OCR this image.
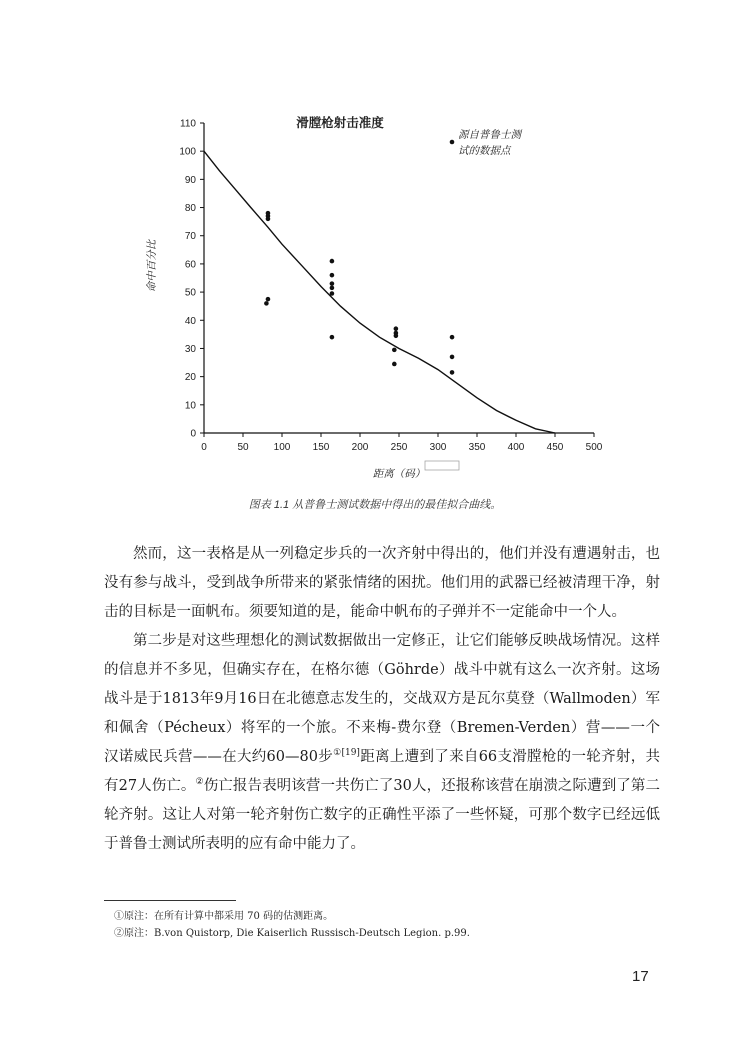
滑膛枪射击准度
源自普鲁士测
试的数据点
命中百分比
距离（码）
0	50	100 150 200 250 300 350 400 450 500
0
10
20
30
40
50
60
70
80
90
100
110
图表 1.1 从普鲁士测试数据中得出的最佳拟合曲线。

然而，这一表格是从一列稳定步兵的一次齐射中得出的，他们并没有遭遇射击，也没有参与战斗，受到战争所带来的紧张情绪的困扰。他们用的武器已经被清理干净，射击的目标是一面帆布。须要知道的是，能命中帆布的子弹并不一定能命中一个人。

第二步是对这些理想化的测试数据做出一定修正，让它们能够反映战场情况。这样的信息并不多见，但确实存在，在格尔德（Göhrde）战斗中就有这么一次齐射。这场战斗是于1813年9月16日在北德意志发生的，交战双方是瓦尔莫登（Wallmoden）军和佩舍（Pécheux）将军的一个旅。不来梅-费尔登（Bremen-Verden）营——一个汉诺威民兵营——在大约60—80步$^{①[19]}$距离上遭到了来自66支滑膛枪的一轮齐射，共有27人伤亡。②伤亡报告表明该营一共伤亡了30人，还报称该营在崩溃之际遭到了第二轮齐射。这让人对第一轮齐射伤亡数字的正确性平添了一些怀疑，可那个数字已经远低于普鲁士测试所表明的应有命中能力了。

①原注：在所有计算中都采用 70 码的估测距离。
②原注：B.von Quistorp, Die Kaiserlich Russisch-Deutsch Legion. p.99.
17
